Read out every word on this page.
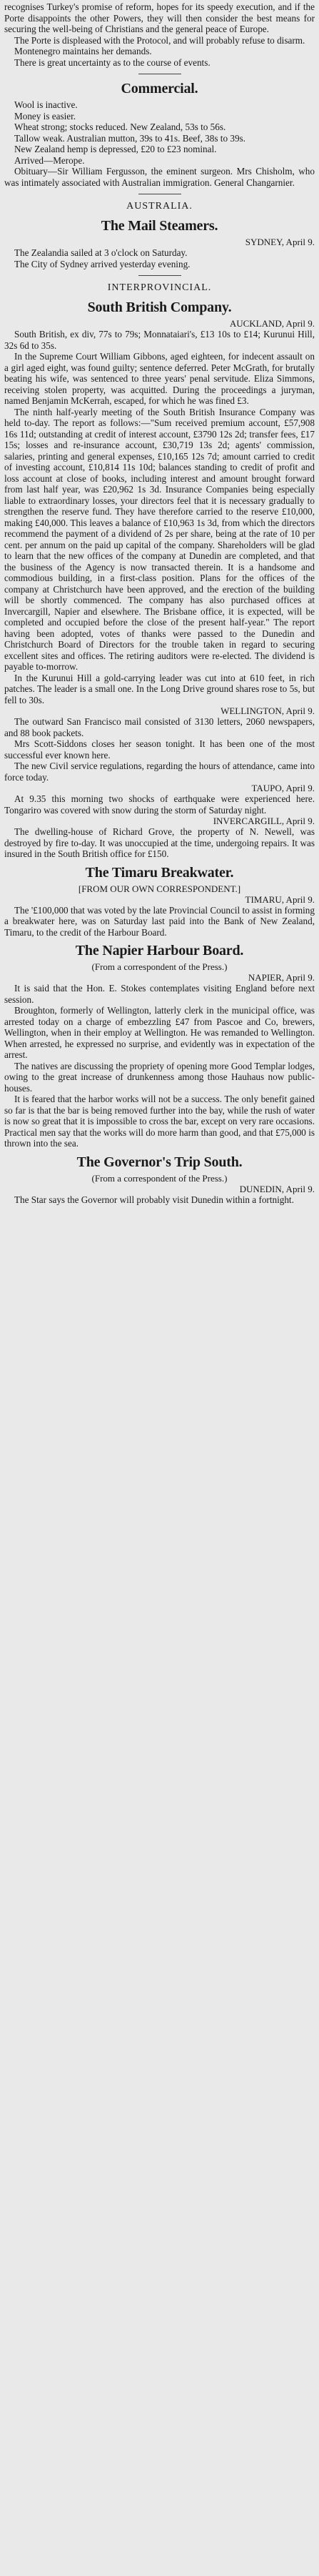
recognises Turkey's promise of reform, hopes for its speedy execution, and if the Porte disappoints the other Powers, they will then consider the best means for securing the well-being of Christians and the general peace of Europe.

The Porte is displeased with the Protocol, and will probably refuse to disarm.

Montenegro maintains her demands.

There is great uncertainty as to the course of events.

Commercial.

Wool is inactive.

Money is easier.

Wheat strong; stocks reduced. New Zealand, 53s to 56s.

Tallow weak. Australian mutton, 39s to 41s. Beef, 38s to 39s.

New Zealand hemp is depressed, £20 to £23 nominal.

Arrived—Merope.

Obituary—Sir William Fergusson, the eminent surgeon. Mrs Chisholm, who was intimately associated with Australian immigration. General Changarnier.

AUSTRALIA.
The Mail Steamers.
SYDNEY, April 9.

The Zealandia sailed at 3 o'clock on Saturday.

The City of Sydney arrived yesterday evening.

INTERPROVINCIAL.
South British Company.
AUCKLAND, April 9.

South British, ex div, 77s to 79s; Monnataiari's, £13 10s to £14; Kurunui Hill, 32s 6d to 35s.

In the Supreme Court William Gibbons, aged eighteen, for indecent assault on a girl aged eight, was found guilty; sentence deferred. Peter McGrath, for brutally beating his wife, was sentenced to three years' penal servitude. Eliza Simmons, receiving stolen property, was acquitted. During the proceedings a juryman, named Benjamin McKerrah, escaped, for which he was fined £3.

The ninth half-yearly meeting of the South British Insurance Company was held to-day. The report as follows:—"Sum received premium account, £57,908 16s 11d; outstanding at credit of interest account, £3790 12s 2d; transfer fees, £17 15s; losses and re-insurance account, £30,719 13s 2d; agents' commission, salaries, printing and general expenses, £10,165 12s 7d; amount carried to credit of investing account, £10,814 11s 10d; balances standing to credit of profit and loss account at close of books, including interest and amount brought forward from last half year, was £20,962 1s 3d. Insurance Companies being especially liable to extraordinary losses, your directors feel that it is necessary gradually to strengthen the reserve fund. They have therefore carried to the reserve £10,000, making £40,000. This leaves a balance of £10,963 1s 3d, from which the directors recommend the payment of a dividend of 2s per share, being at the rate of 10 per cent. per annum on the paid up capital of the company. Shareholders will be glad to learn that the new offices of the company at Dunedin are completed, and that the business of the Agency is now transacted therein. It is a handsome and commodious building, in a first-class position. Plans for the offices of the company at Christchurch have been approved, and the erection of the building will be shortly commenced. The company has also purchased offices at Invercargill, Napier and elsewhere. The Brisbane office, it is expected, will be completed and occupied before the close of the present half-year." The report having been adopted, votes of thanks were passed to the Dunedin and Christchurch Board of Directors for the trouble taken in regard to securing excellent sites and offices. The retiring auditors were re-elected. The dividend is payable to-morrow.

In the Kurunui Hill a gold-carrying leader was cut into at 610 feet, in rich patches. The leader is a small one. In the Long Drive ground shares rose to 5s, but fell to 30s.

WELLINGTON, April 9.

The outward San Francisco mail consisted of 3130 letters, 2060 newspapers, and 88 book packets.

Mrs Scott-Siddons closes her season tonight. It has been one of the most successful ever known here.

The new Civil service regulations, regarding the hours of attendance, came into force today.

TAUPO, April 9.

At 9.35 this morning two shocks of earthquake were experienced here. Tongariro was covered with snow during the storm of Saturday night.

INVERCARGILL, April 9.

The dwelling-house of Richard Grove, the property of N. Newell, was destroyed by fire to-day. It was unoccupied at the time, undergoing repairs. It was insured in the South British office for £150.

The Timaru Breakwater.
[FROM OUR OWN CORRESPONDENT.]
TIMARU, April 9.

The '£100,000 that was voted by the late Provincial Council to assist in forming a breakwater here, was on Saturday last paid into the Bank of New Zealand, Timaru, to the credit of the Harbour Board.

The Napier Harbour Board.
(From a correspondent of the Press.)
NAPIER, April 9.

It is said that the Hon. E. Stokes contemplates visiting England before next session.

Broughton, formerly of Wellington, latterly clerk in the municipal office, was arrested today on a charge of embezzling £47 from Pascoe and Co, brewers, Wellington, when in their employ at Wellington. He was remanded to Wellington. When arrested, he expressed no surprise, and evidently was in expectation of the arrest.

The natives are discussing the propriety of opening more Good Templar lodges, owing to the great increase of drunkenness among those Hauhaus now public-houses.

It is feared that the harbor works will not be a success. The only benefit gained so far is that the bar is being removed further into the bay, while the rush of water is now so great that it is impossible to cross the bar, except on very rare occasions. Practical men say that the works will do more harm than good, and that £75,000 is thrown into the sea.

The Governor's Trip South.
(From a correspondent of the Press.)
DUNEDIN, April 9.

The Star says the Governor will probably visit Dunedin within a fortnight.
